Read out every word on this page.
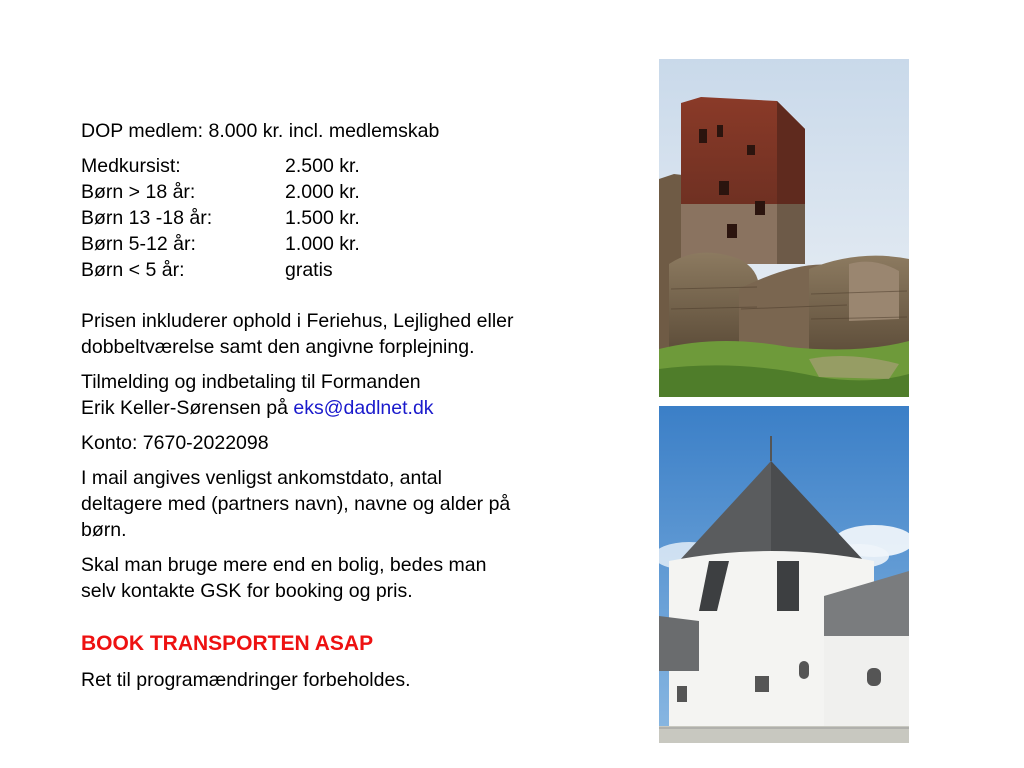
DOP medlem: 8.000 kr. incl. medlemskab
Medkursist:	2.500 kr.
Børn > 18 år:	2.000 kr.
Børn 13 -18 år:	1.500 kr.
Børn 5-12 år:	1.000 kr.
Børn < 5 år:	gratis
Prisen inkluderer ophold i Feriehus, Lejlighed eller
dobbeltværelse samt den angivne forplejning.
Tilmelding og indbetaling til Formanden
Erik Keller-Sørensen på eks@dadlnet.dk
Konto: 7670-2022098
I mail angives venligst ankomstdato, antal
deltagere med (partners navn), navne og alder på
børn.
Skal man bruge mere end en bolig, bedes man
selv kontakte GSK for booking og pris.
BOOK TRANSPORTEN ASAP
Ret til programændringer forbeholdes.
